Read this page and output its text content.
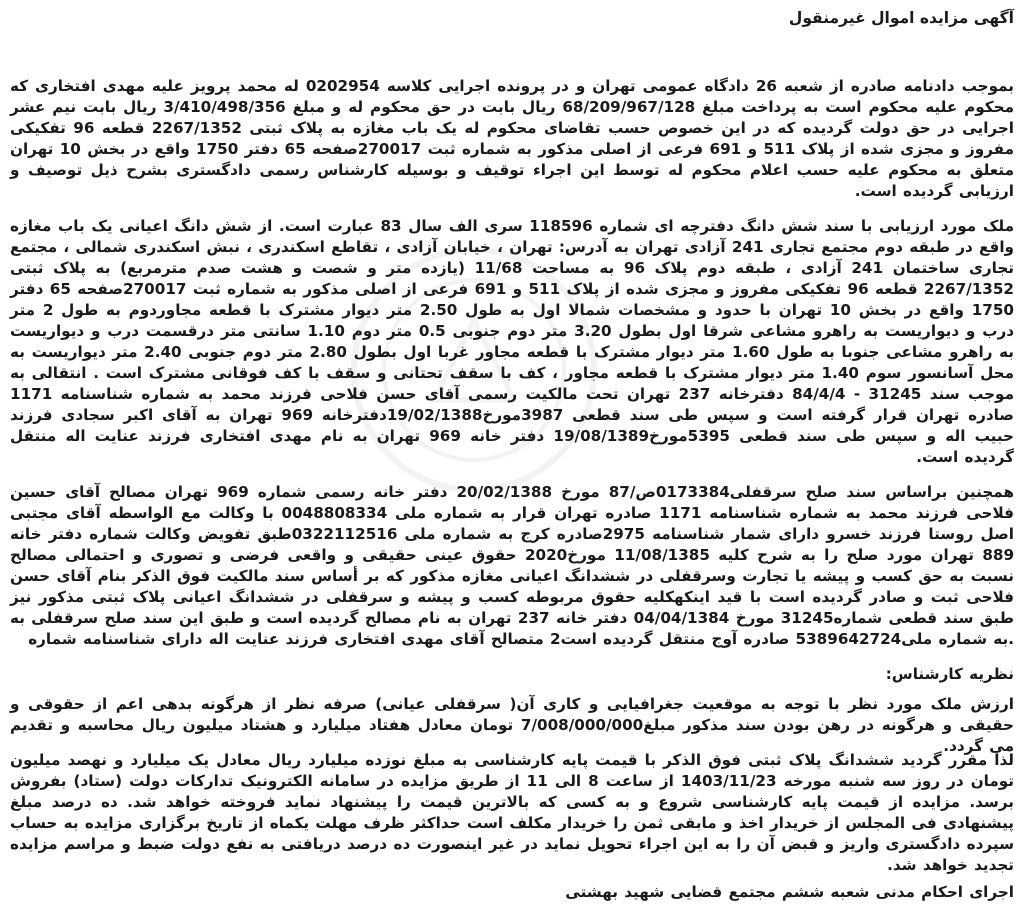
آگهی مزایده اموال غیرمنقول

بموجب دادنامه صادره از شعبه 26 دادگاه عمومی تهران و در پرونده اجرایی کلاسه 0202954 له محمد پرویز علیه مهدی افتخاری که محکوم علیه محکوم است به پرداخت مبلغ 68/209/967/128 ریال بابت در حق محکوم له و مبلغ 3/410/498/356 ریال بابت نیم عشر اجرایی در حق دولت گردیده که در این خصوص حسب تقاضای محکوم له یک باب مغازه به پلاک ثبتی 2267/1352 قطعه 96 تفکیکی مفروز و مجزی شده از پلاک 511 و 691 فرعی از اصلی مذکور به شماره ثبت 270017صفحه 65 دفتر 1750 واقع در بخش 10 تهران متعلق به محکوم علیه حسب اعلام محکوم له توسط این اجراء توقیف و بوسیله کارشناس رسمی دادگستری بشرح ذیل توصیف و ارزیابی گردیده است.

ملک مورد ارزیابی با سند شش دانگ دفترچه ای شماره 118596 سری الف سال 83 عبارت است. از شش دانگ اعیانی یک باب مغازه واقع در طبقه دوم مجتمع تجاری 241 آزادی تهران به آدرس: تهران ، خیابان آزادی ، تقاطع اسکندری ، نبش اسکندری شمالی ، مجتمع تجاری ساختمان 241 آزادی ، طبقه دوم پلاک 96 به مساحت 11/68 (یازده متر و شصت و هشت صدم مترمربع) به پلاک ثبتی 2267/1352 قطعه 96 تفکیکی مفروز و مجزی شده از پلاک 511 و 691 فرعی از اصلی مذکور به شماره ثبت 270017صفحه 65 دفتر 1750 واقع در بخش 10 تهران با حدود و مشخصات شمالا اول به طول 2.50 متر دیوار مشترک با قطعه مجاوردوم به طول 2 متر درب و دیواریست به راهرو مشاعی شرقا اول بطول 3.20 متر دوم جنوبی 0.5 متر دوم 1.10 سانتی متر درقسمت درب و دیواریست به راهرو مشاعی جنوبا به طول 1.60 متر دیوار مشترک با قطعه مجاور غربا اول بطول 2.80 متر دوم جنوبی 2.40 متر دیواریست به محل آسانسور سوم 1.40 متر دیوار مشترک با قطعه مجاور ، کف با سقف تحتانی و سقف با کف فوقانی مشترک است . انتقالی به موجب سند 31245 - 84/4/4 دفترخانه 237 تهران تحت مالکیت رسمی آقای حسن فلاحی فرزند محمد به شماره شناسنامه 1171 صادره تهران قرار گرفته است و سپس طی سند قطعی 3987مورخ19/02/1388دفترخانه 969 تهران به آقای اکبر سجادی فرزند حبیب اله و سپس طی سند قطعی 5395مورخ19/08/1389 دفتر خانه 969 تهران به نام مهدی افتخاری فرزند عنایت اله منتقل گردیده است.

همچنین براساس سند صلح سرقفلی0173384ص/87 مورخ 20/02/1388 دفتر خانه رسمی شماره 969 تهران مصالح آقای حسین فلاحی فرزند محمد به شماره شناسنامه 1171 صادره تهران قرار به شماره ملی 0048808334 با وکالت مع الواسطه آقای مجتبی اصل روستا فرزند خسرو دارای شمار شناسنامه 2975صادره کرج به شماره ملی 0322112516طبق تفویض وکالت شماره دفتر خانه 889 تهران مورد صلح را به شرح کلیه 11/08/1385 مورخ2020 حقوق عینی حقیقی و واقعی فرضی و تصوری و احتمالی مصالح نسبت به حق کسب و پیشه یا تجارت وسرقفلی در ششدانگ اعیانی مغازه مذکور که بر أساس سند مالکیت فوق الذکر بنام آقای حسن فلاحی ثبت و صادر گردیده است با قید اینکهکلیه حقوق مربوطه کسب و پیشه و سرقفلی در ششدانگ اعیانی پلاک ثبتی مذکور نیز طبق سند قطعی شماره31245 مورخ 04/04/1384 دفتر خانه 237 تهران به نام مصالح گردیده است و طبق این سند صلح سرقفلی به .به شماره ملی5389642724 صادره آوج منتقل گردیده است2 متصالح آقای مهدی افتخاری فرزند عنایت اله دارای شناسنامه شماره

نظریه کارشناس:

ارزش ملک مورد نظر با توجه به موقعیت جغرافیایی و کاری آن( سرقفلی عیانی) صرفه نظر از هرگونه بدهی اعم از حقوقی و حقیقی و هرگونه در رهن بودن سند مذکور مبلغ7/008/000/000 تومان معادل هفتاد میلیارد و هشتاد میلیون ریال محاسبه و تقدیم می گردد.

لذا مقرر گردید ششدانگ پلاک ثبتی فوق الذکر با قیمت پایه کارشناسی به مبلغ نوزده میلیارد ریال معادل یک میلیارد و نهصد میلیون تومان در روز سه شنبه مورخه 1403/11/23 از ساعت 8 الی 11 از طریق مزایده در سامانه الکترونیک تدارکات دولت (ستاد) بفروش برسد. مزایده از قیمت پایه کارشناسی شروع و به کسی که بالاترین قیمت را پیشنهاد نماید فروخته خواهد شد. ده درصد مبلغ پیشنهادی فی المجلس از خریدار اخذ و مابقی ثمن را خریدار مکلف است حداکثر ظرف مهلت یکماه از تاریخ برگزاری مزایده به حساب سپرده دادگستری واریز و قبض آن را به این اجراء تحویل نماید در غیر اینصورت ده درصد دریافتی به نفع دولت ضبط و مراسم مزایده تجدید خواهد شد.

اجرای احکام مدنی شعبه ششم مجتمع قضایی شهید بهشتی
